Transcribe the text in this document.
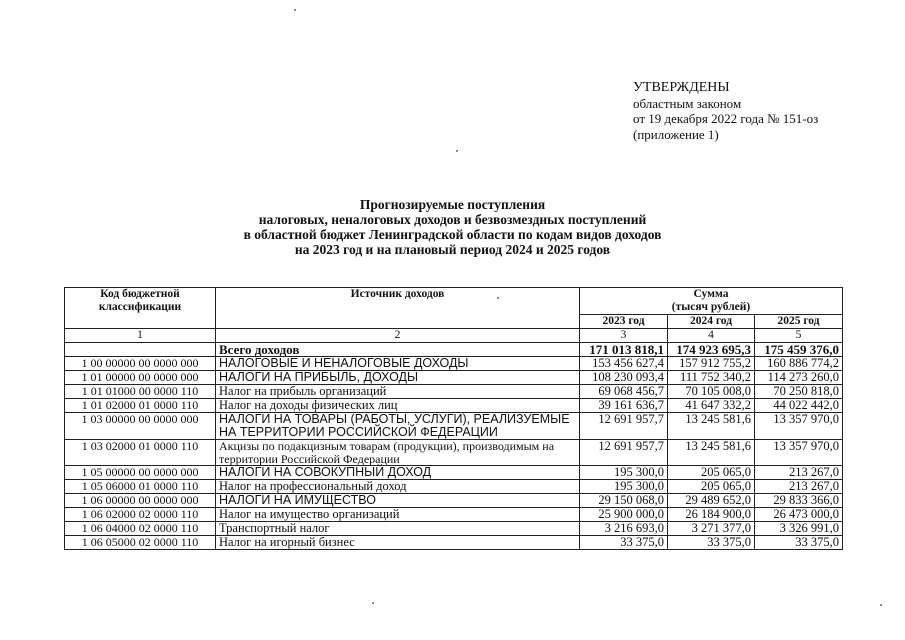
УТВЕРЖДЕНЫ
областным законом
от 19 декабря 2022 года № 151-оз
(приложение 1)
Прогнозируемые поступления
налоговых, неналоговых доходов и безвозмездных поступлений
в областной бюджет Ленинградской области по кодам видов доходов
на 2023 год и на плановый период 2024 и 2025 годов
Код бюджетной классификации	Источник доходов	Сумма
(тысяч рублей)		

		2023 год	2024 год	2025 год
1	2	3	4	5
	Всего доходов	171 013 818,1	174 923 695,3	175 459 376,0
1 00 00000 00 0000 000	НАЛОГОВЫЕ И НЕНАЛОГОВЫЕ ДОХОДЫ	153 456 627,4	157 912 755,2	160 886 774,2
1 01 00000 00 0000 000	НАЛОГИ НА ПРИБЫЛЬ, ДОХОДЫ	108 230 093,4	111 752 340,2	114 273 260,0
1 01 01000 00 0000 110	Налог на прибыль организаций	69 068 456,7	70 105 008,0	70 250 818,0
1 01 02000 01 0000 110	Налог на доходы физических лиц	39 161 636,7	41 647 332,2	44 022 442,0
1 03 00000 00 0000 000	НАЛОГИ НА ТОВАРЫ (РАБОТЫ, УСЛУГИ), РЕАЛИЗУЕМЫЕ НА ТЕРРИТОРИИ РОССИЙСКОЙ ФЕДЕРАЦИИ	12 691 957,7	13 245 581,6	13 357 970,0
1 03 02000 01 0000 110	Акцизы по подакцизным товарам (продукции), производимым на территории Российской Федерации	12 691 957,7	13 245 581,6	13 357 970,0
1 05 00000 00 0000 000	НАЛОГИ НА СОВОКУПНЫЙ ДОХОД	195 300,0	205 065,0	213 267,0
1 05 06000 01 0000 110	Налог на профессиональный доход	195 300,0	205 065,0	213 267,0
1 06 00000 00 0000 000	НАЛОГИ НА ИМУЩЕСТВО	29 150 068,0	29 489 652,0	29 833 366,0
1 06 02000 02 0000 110	Налог на имущество организаций	25 900 000,0	26 184 900,0	26 473 000,0
1 06 04000 02 0000 110	Транспортный налог	3 216 693,0	3 271 377,0	3 326 991,0
1 06 05000 02 0000 110	Налог на игорный бизнес	33 375,0	33 375,0	33 375,0
